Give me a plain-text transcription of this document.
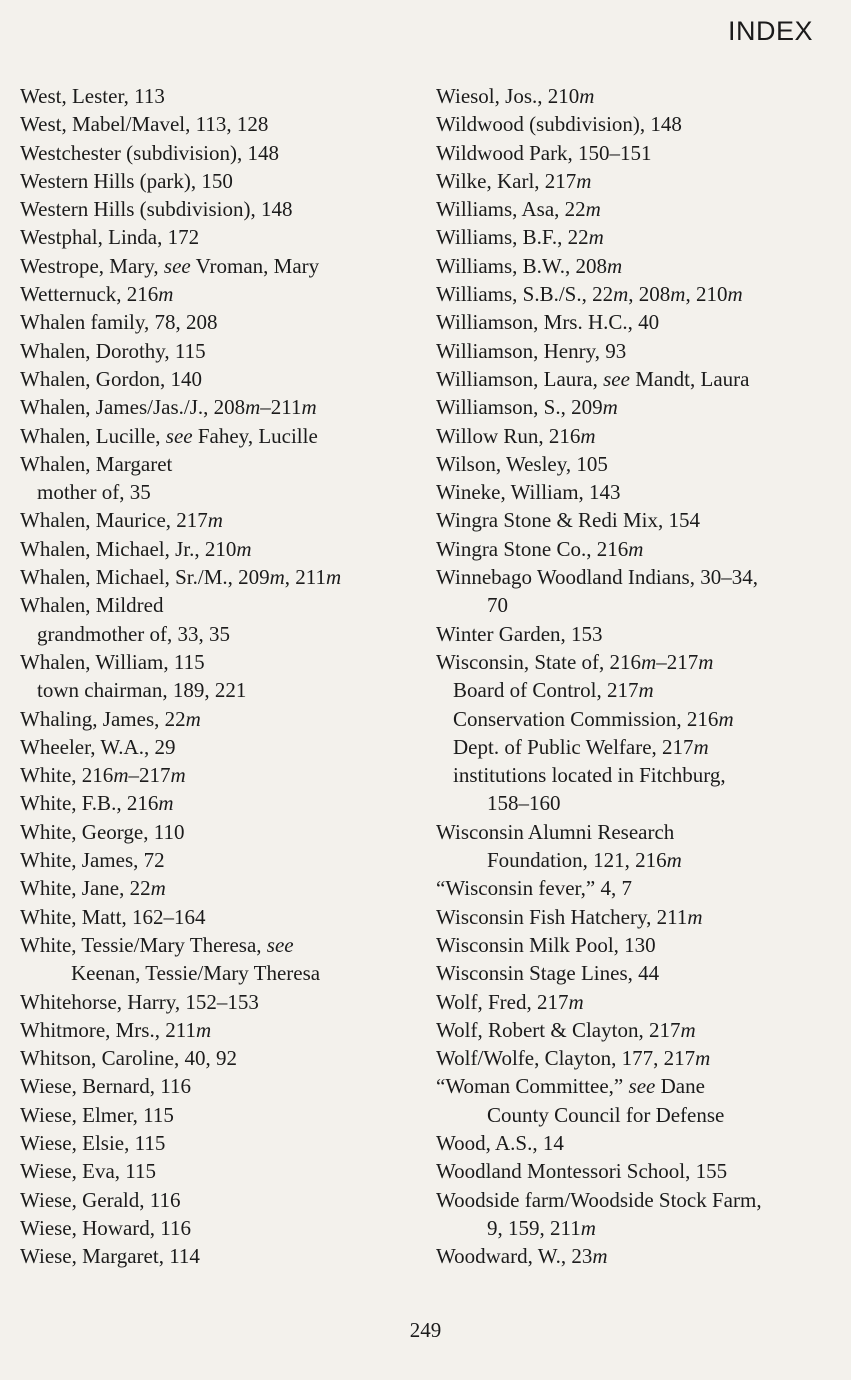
INDEX
West, Lester, 113
West, Mabel/Mavel, 113, 128
Westchester (subdivision), 148
Western Hills (park), 150
Western Hills (subdivision), 148
Westphal, Linda, 172
Westrope, Mary, see Vroman, Mary
Wetternuck, 216m
Whalen family, 78, 208
Whalen, Dorothy, 115
Whalen, Gordon, 140
Whalen, James/Jas./J., 208m–211m
Whalen, Lucille, see Fahey, Lucille
Whalen, Margaret
mother of, 35
Whalen, Maurice, 217m
Whalen, Michael, Jr., 210m
Whalen, Michael, Sr./M., 209m, 211m
Whalen, Mildred
grandmother of, 33, 35
Whalen, William, 115
town chairman, 189, 221
Whaling, James, 22m
Wheeler, W.A., 29
White, 216m–217m
White, F.B., 216m
White, George, 110
White, James, 72
White, Jane, 22m
White, Matt, 162–164
White, Tessie/Mary Theresa, see
Keenan, Tessie/Mary Theresa
Whitehorse, Harry, 152–153
Whitmore, Mrs., 211m
Whitson, Caroline, 40, 92
Wiese, Bernard, 116
Wiese, Elmer, 115
Wiese, Elsie, 115
Wiese, Eva, 115
Wiese, Gerald, 116
Wiese, Howard, 116
Wiese, Margaret, 114
Wiesol, Jos., 210m
Wildwood (subdivision), 148
Wildwood Park, 150–151
Wilke, Karl, 217m
Williams, Asa, 22m
Williams, B.F., 22m
Williams, B.W., 208m
Williams, S.B./S., 22m, 208m, 210m
Williamson, Mrs. H.C., 40
Williamson, Henry, 93
Williamson, Laura, see Mandt, Laura
Williamson, S., 209m
Willow Run, 216m
Wilson, Wesley, 105
Wineke, William, 143
Wingra Stone & Redi Mix, 154
Wingra Stone Co., 216m
Winnebago Woodland Indians, 30–34,
70
Winter Garden, 153
Wisconsin, State of, 216m–217m
Board of Control, 217m
Conservation Commission, 216m
Dept. of Public Welfare, 217m
institutions located in Fitchburg,
158–160
Wisconsin Alumni Research
Foundation, 121, 216m
“Wisconsin fever,” 4, 7
Wisconsin Fish Hatchery, 211m
Wisconsin Milk Pool, 130
Wisconsin Stage Lines, 44
Wolf, Fred, 217m
Wolf, Robert & Clayton, 217m
Wolf/Wolfe, Clayton, 177, 217m
“Woman Committee,” see Dane
County Council for Defense
Wood, A.S., 14
Woodland Montessori School, 155
Woodside farm/Woodside Stock Farm,
9, 159, 211m
Woodward, W., 23m
249
